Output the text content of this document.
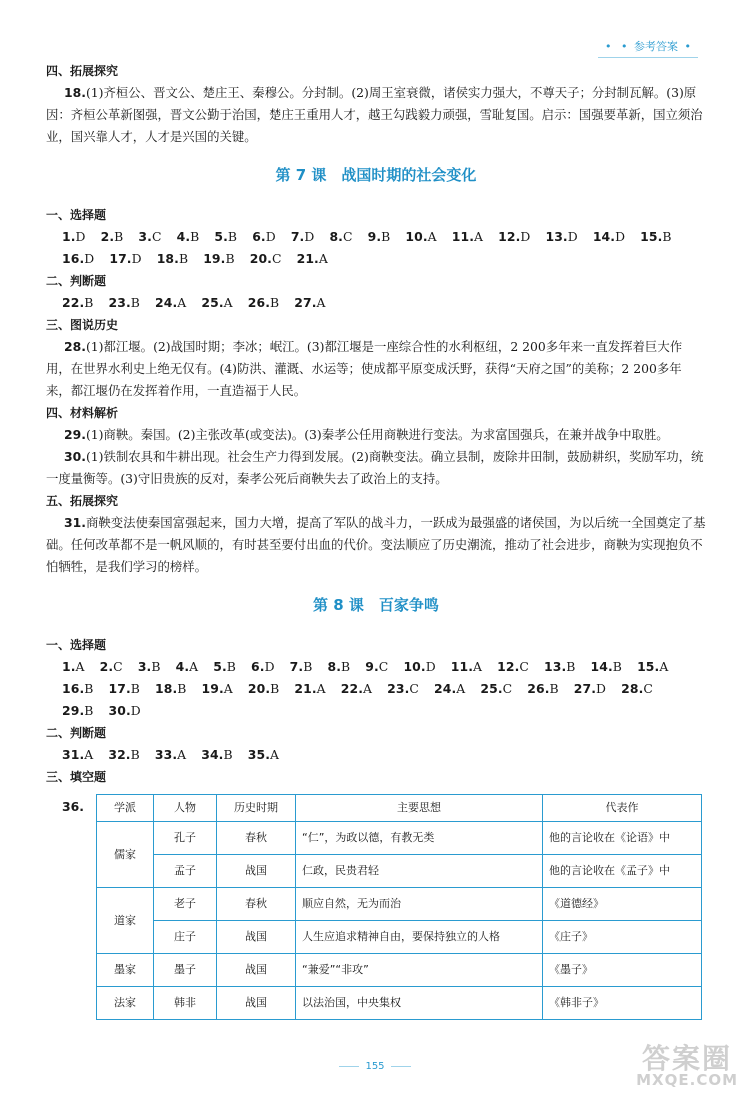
• • 参考答案 •
四、拓展探究

18.(1)齐桓公、晋文公、楚庄王、秦穆公。分封制。(2)周王室衰微，诸侯实力强大，不尊天子；分封制瓦解。(3)原因：齐桓公革新图强，晋文公勤于治国，楚庄王重用人才，越王勾践毅力顽强，雪耻复国。启示：国强要革新，国立须治业，国兴靠人才，人才是兴国的关键。

第 7 课　战国时期的社会变化
一、选择题
1.D 2.B 3.C 4.B 5.B 6.D 7.D 8.C 9.B 10.A 11.A 12.D 13.D 14.D 15.B 16.D 17.D 18.B 19.B 20.C 21.A
二、判断题
22.B 23.B 24.A 25.A 26.B 27.A
三、图说历史

28.(1)都江堰。(2)战国时期；李冰；岷江。(3)都江堰是一座综合性的水利枢纽，2 200多年来一直发挥着巨大作用，在世界水利史上绝无仅有。(4)防洪、灌溉、水运等；使成都平原变成沃野，获得“天府之国”的美称；2 200多年来，都江堰仍在发挥着作用，一直造福于人民。

四、材料解析

29.(1)商鞅。秦国。(2)主张改革(或变法)。(3)秦孝公任用商鞅进行变法。为求富国强兵，在兼并战争中取胜。

30.(1)铁制农具和牛耕出现。社会生产力得到发展。(2)商鞅变法。确立县制，废除井田制，鼓励耕织，奖励军功，统一度量衡等。(3)守旧贵族的反对，秦孝公死后商鞅失去了政治上的支持。

五、拓展探究

31.商鞅变法使秦国富强起来，国力大增，提高了军队的战斗力，一跃成为最强盛的诸侯国，为以后统一全国奠定了基础。任何改革都不是一帆风顺的，有时甚至要付出血的代价。变法顺应了历史潮流，推动了社会进步，商鞅为实现抱负不怕牺牲，是我们学习的榜样。

第 8 课　百家争鸣
一、选择题
1.A 2.C 3.B 4.A 5.B 6.D 7.B 8.B 9.C 10.D 11.A 12.C 13.B 14.B 15.A 16.B 17.B 18.B 19.A 20.B 21.A 22.A 23.C 24.A 25.C 26.B 27.D 28.C 29.B 30.D
二、判断题
31.A 32.B 33.A 34.B 35.A
三、填空题
36.	学派	人物	历史时期	主要思想	代表作
儒家	孔子	春秋	“仁”，为政以德，有教无类	他的言论收在《论语》中
	孟子	战国	仁政，民贵君轻	他的言论收在《孟子》中
道家	老子	春秋	顺应自然，无为而治	《道德经》
	庄子	战国	人生应追求精神自由，要保持独立的人格	《庄子》
墨家	墨子	战国	“兼爱”“非攻”	《墨子》
法家	韩非	战国	以法治国，中央集权	《韩非子》
155	答案圈
MXQE.COM
